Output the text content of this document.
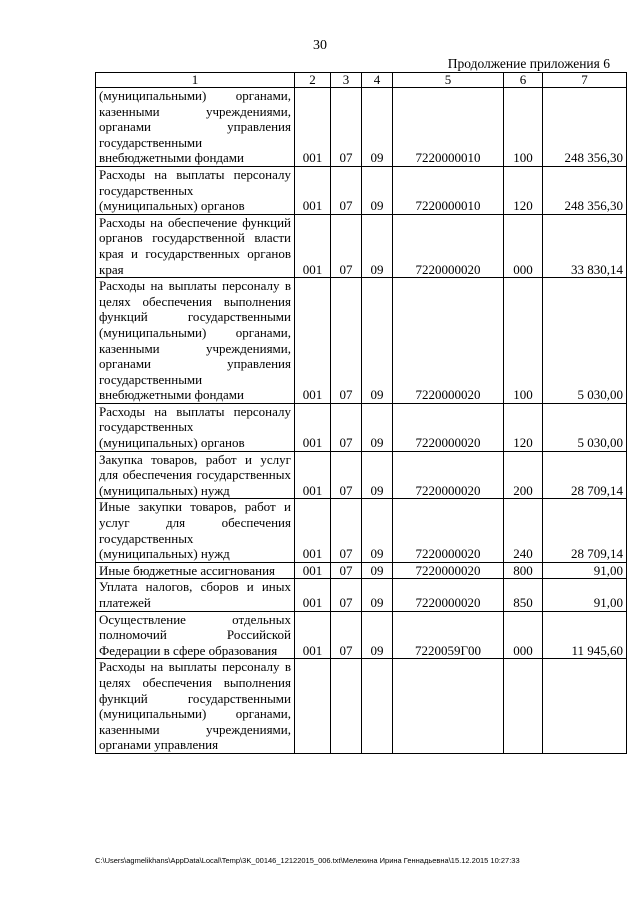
30
Продолжение приложения 6
1	2	3	4	5	6	7
(муниципальными) органами, казенными учреждениями, органами управления государственными внебюджетными фондами	001	07	09	7220000010	100	248 356,30
Расходы на выплаты персоналу государственных (муниципальных) органов	001	07	09	7220000010	120	248 356,30
Расходы на обеспечение функций органов государственной власти края и государственных органов края	001	07	09	7220000020	000	33 830,14
Расходы на выплаты персоналу в целях обеспечения выполнения функций государственными (муниципальными) органами, казенными учреждениями, органами управления государственными внебюджетными фондами	001	07	09	7220000020	100	5 030,00
Расходы на выплаты персоналу государственных (муниципальных) органов	001	07	09	7220000020	120	5 030,00
Закупка товаров, работ и услуг для обеспечения государственных (муниципальных) нужд	001	07	09	7220000020	200	28 709,14
Иные закупки товаров, работ и услуг для обеспечения государственных (муниципальных) нужд	001	07	09	7220000020	240	28 709,14
Иные бюджетные ассигнования	001	07	09	7220000020	800	91,00
Уплата налогов, сборов и иных платежей	001	07	09	7220000020	850	91,00
Осуществление отдельных полномочий Российской Федерации в сфере образования	001	07	09	7220059Г00	000	11 945,60
Расходы на выплаты персоналу в целях обеспечения выполнения функций государственными (муниципальными) органами, казенными учреждениями, органами управления						
C:\Users\agmelikhans\AppData\Local\Temp\3K_00146_12122015_006.txt\Мелехина Ирина Геннадьевна\15.12.2015 10:27:33
